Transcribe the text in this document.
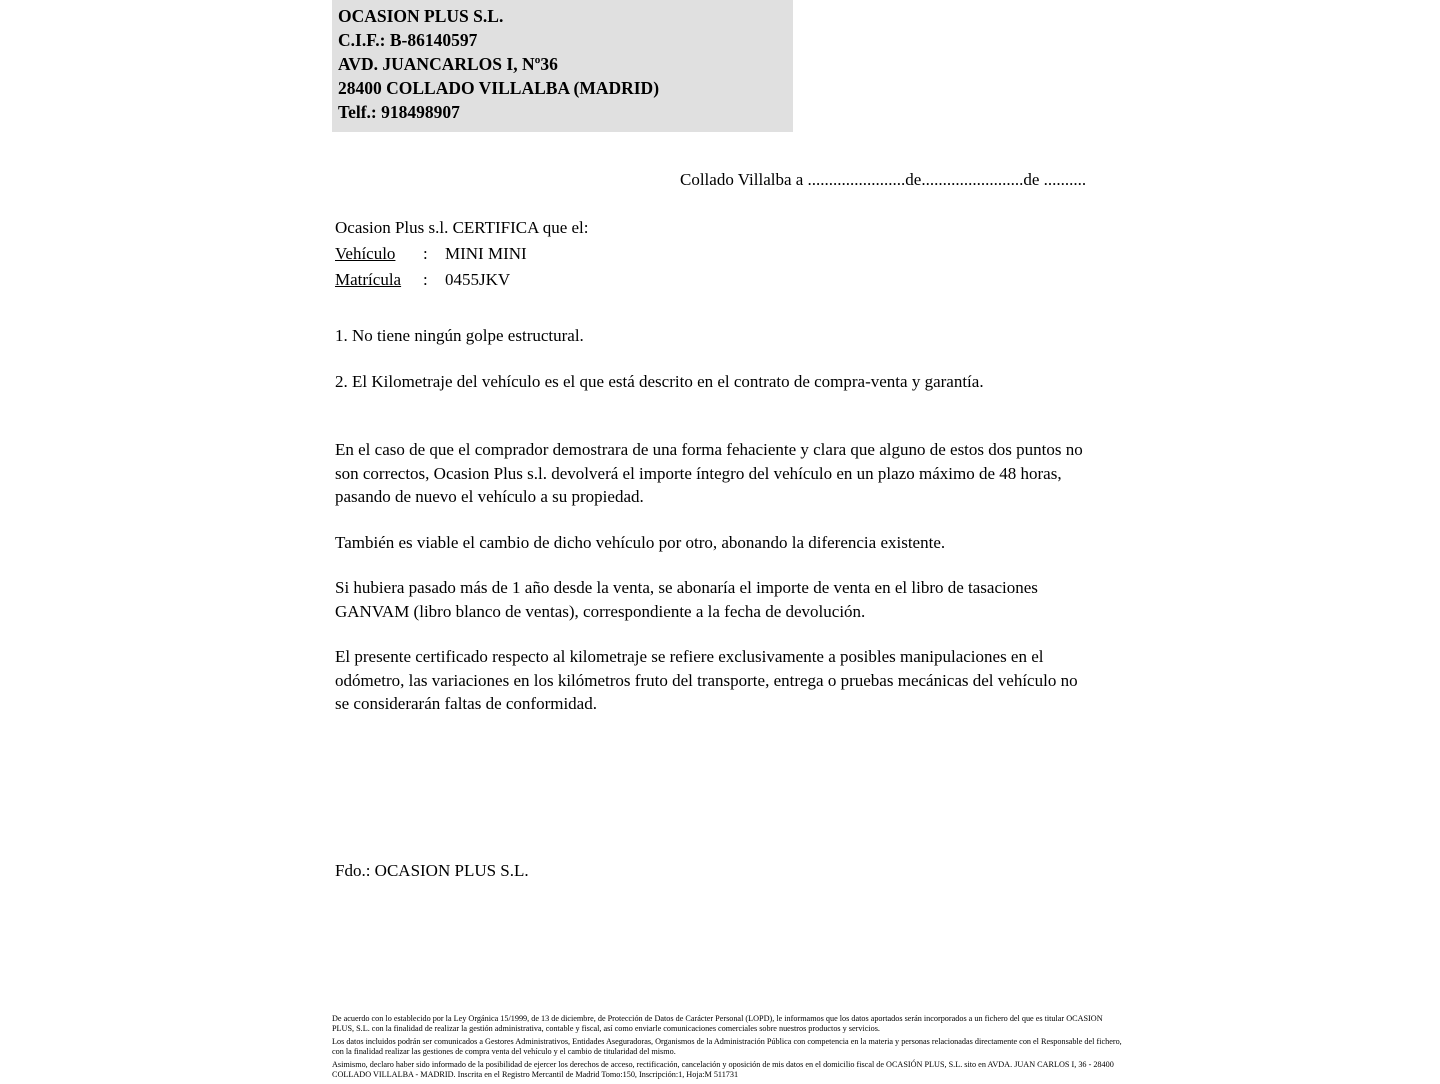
OCASION PLUS S.L.
C.I.F.: B-86140597
AVD. JUANCARLOS I, Nº36
28400 COLLADO VILLALBA (MADRID)
Telf.: 918498907
Collado Villalba a .......................de........................de ..........
Ocasion Plus s.l. CERTIFICA que el:
Vehículo : MINI MINI
Matrícula : 0455JKV

1. No tiene ningún golpe estructural.

2. El Kilometraje del vehículo es el que está descrito en el contrato de compra-venta y garantía.

En el caso de que el comprador demostrara de una forma fehaciente y clara que alguno de estos dos puntos no son correctos, Ocasion Plus s.l. devolverá el importe íntegro del vehículo en un plazo máximo de 48 horas, pasando de nuevo el vehículo a su propiedad.

También es viable el cambio de dicho vehículo por otro, abonando la diferencia existente.

Si hubiera pasado más de 1 año desde la venta, se abonaría el importe de venta en el libro de tasaciones GANVAM (libro blanco de ventas), correspondiente a la fecha de devolución.

El presente certificado respecto al kilometraje se refiere exclusivamente a posibles manipulaciones en el odómetro, las variaciones en los kilómetros fruto del transporte, entrega o pruebas mecánicas del vehículo no se considerarán faltas de conformidad.

Fdo.: OCASION PLUS S.L.

De acuerdo con lo establecido por la Ley Orgánica 15/1999, de 13 de diciembre, de Protección de Datos de Carácter Personal (LOPD), le informamos que los datos aportados serán incorporados a un fichero del que es titular OCASION PLUS, S.L. con la finalidad de realizar la gestión administrativa, contable y fiscal, así como enviarle comunicaciones comerciales sobre nuestros productos y servicios.

Los datos incluidos podrán ser comunicados a Gestores Administrativos, Entidades Aseguradoras, Organismos de la Administración Pública con competencia en la materia y personas relacionadas directamente con el Responsable del fichero, con la finalidad realizar las gestiones de compra venta del vehículo y el cambio de titularidad del mismo.

Asimismo, declaro haber sido informado de la posibilidad de ejercer los derechos de acceso, rectificación, cancelación y oposición de mis datos en el domicilio fiscal de OCASIÓN PLUS, S.L. sito en AVDA. JUAN CARLOS I, 36 - 28400 COLLADO VILLALBA - MADRID. Inscrita en el Registro Mercantil de Madrid Tomo:150, Inscripción:1, Hoja:M 511731
